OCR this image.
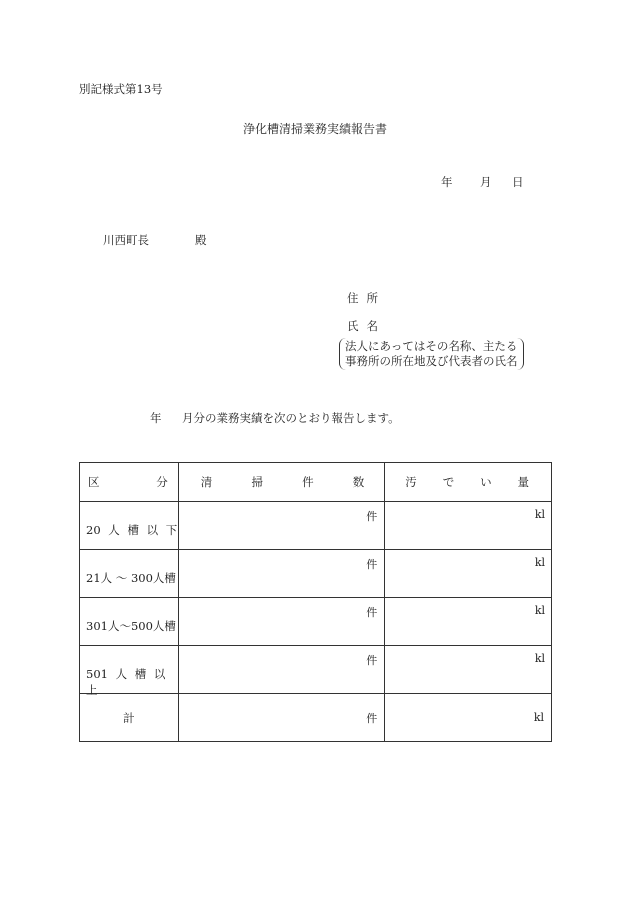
別記様式第13号
浄化槽清掃業務実績報告書
年 月 日
川西町長	殿
住所
氏名
法人にあってはその名称、主たる
事務所の所在地及び代表者の氏名
年 月分の業務実績を次のとおり報告します。
区 分	清 掃 件 数	汚 で い 量

20 人 槽 以 下	件	kl

21人 ～ 300人槽	件	kl

301人～500人槽	件	kl

501 人 槽 以 上	件	kl

計	件	kl
